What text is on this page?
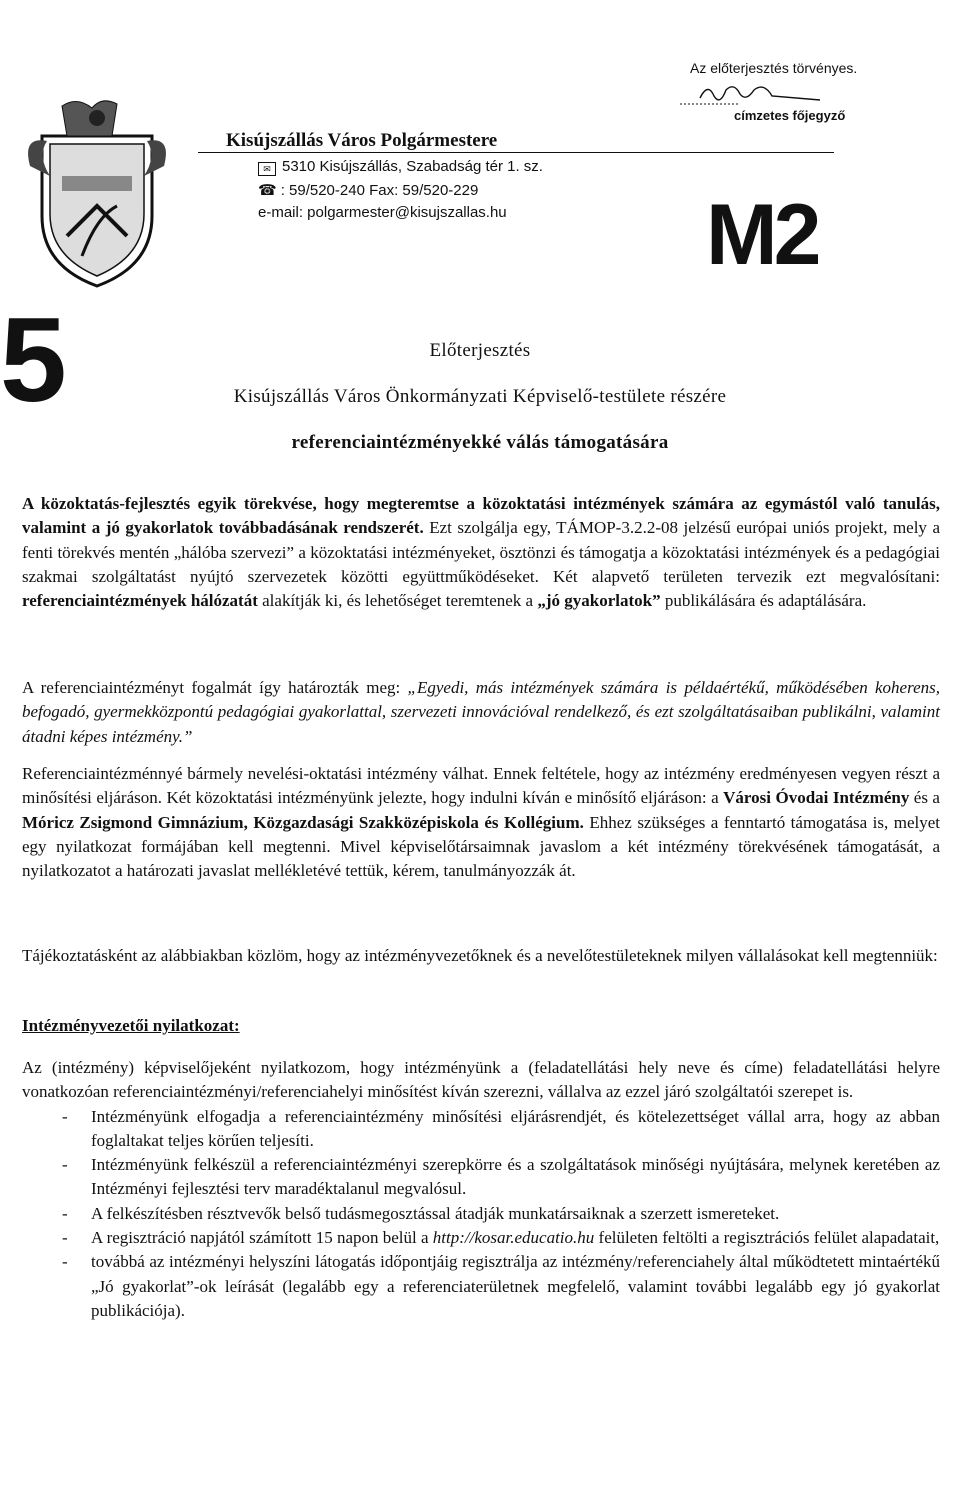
5
Az előterjesztés törvényes.
címzetes főjegyző
M2
Kisújszállás Város Polgármestere
✉ 5310 Kisújszállás, Szabadság tér 1. sz.
☎ : 59/520-240 Fax: 59/520-229
e-mail: polgarmester@kisujszallas.hu
Előterjesztés
Kisújszállás Város Önkormányzati Képviselő-testülete részére
referenciaintézményekké válás támogatására

A közoktatás-fejlesztés egyik törekvése, hogy megteremtse a közoktatási intézmények számára az egymástól való tanulás, valamint a jó gyakorlatok továbbadásának rendszerét. Ezt szolgálja egy, TÁMOP-3.2.2-08 jelzésű európai uniós projekt, mely a fenti törekvés mentén „hálóba szervezi” a közoktatási intézményeket, ösztönzi és támogatja a közoktatási intézmények és a pedagógiai szakmai szolgáltatást nyújtó szervezetek közötti együttműködéseket. Két alapvető területen tervezik ezt megvalósítani: referenciaintézmények hálózatát alakítják ki, és lehetőséget teremtenek a „jó gyakorlatok” publikálására és adaptálására.

A referenciaintézményt fogalmát így határozták meg: „Egyedi, más intézmények számára is példaértékű, működésében koherens, befogadó, gyermekközpontú pedagógiai gyakorlattal, szervezeti innovációval rendelkező, és ezt szolgáltatásaiban publikálni, valamint átadni képes intézmény.”

Referenciaintézménnyé bármely nevelési-oktatási intézmény válhat. Ennek feltétele, hogy az intézmény eredményesen vegyen részt a minősítési eljáráson. Két közoktatási intézményünk jelezte, hogy indulni kíván e minősítő eljáráson: a Városi Óvodai Intézmény és a Móricz Zsigmond Gimnázium, Közgazdasági Szakközépiskola és Kollégium. Ehhez szükséges a fenntartó támogatása is, melyet egy nyilatkozat formájában kell megtenni. Mivel képviselőtársaimnak javaslom a két intézmény törekvésének támogatását, a nyilatkozatot a határozati javaslat mellékletévé tettük, kérem, tanulmányozzák át.

Tájékoztatásként az alábbiakban közlöm, hogy az intézményvezetőknek és a nevelőtestületeknek milyen vállalásokat kell megtenniük:
Intézményvezetői nyilatkozat:

Az (intézmény) képviselőjeként nyilatkozom, hogy intézményünk a (feladatellátási hely neve és címe) feladatellátási helyre vonatkozóan referenciaintézményi/referenciahelyi minősítést kíván szerezni, vállalva az ezzel járó szolgáltatói szerepet is.

- Intézményünk elfogadja a referenciaintézmény minősítési eljárásrendjét, és kötelezettséget vállal arra, hogy az abban foglaltakat teljes körűen teljesíti.
- Intézményünk felkészül a referenciaintézményi szerepkörre és a szolgáltatások minőségi nyújtására, melynek keretében az Intézményi fejlesztési terv maradéktalanul megvalósul.
- A felkészítésben résztvevők belső tudásmegosztással átadják munkatársaiknak a szerzett ismereteket.
- A regisztráció napjától számított 15 napon belül a http://kosar.educatio.hu felületen feltölti a regisztrációs felület alapadatait,
- továbbá az intézményi helyszíni látogatás időpontjáig regisztrálja az intézmény/referenciahely által működtetett mintaértékű „Jó gyakorlat”-ok leírását (legalább egy a referenciaterületnek megfelelő, valamint további legalább egy jó gyakorlat publikációja).
